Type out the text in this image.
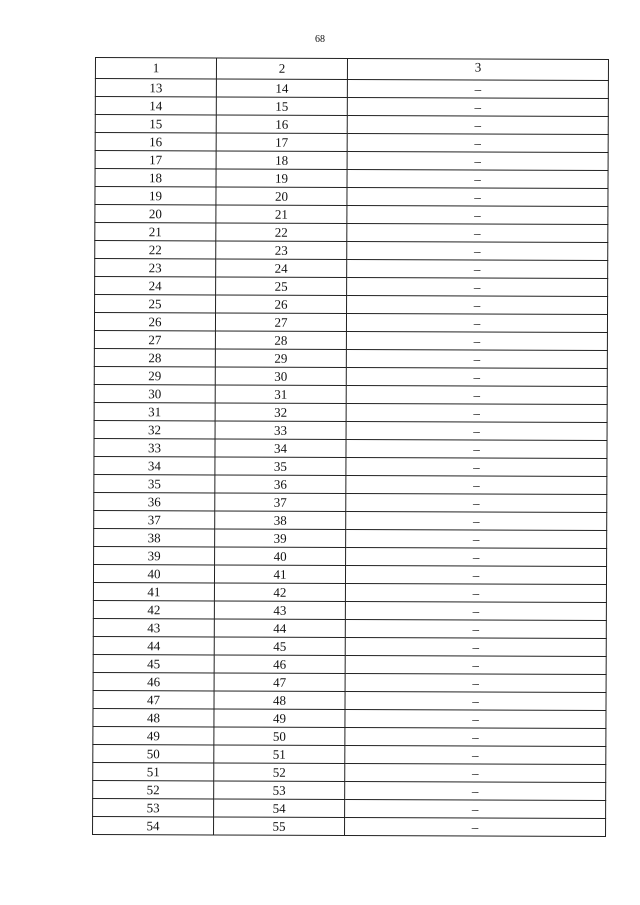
68
1	2	3
13	14	–
14	15	–
15	16	–
16	17	–
17	18	–
18	19	–
19	20	–
20	21	–
21	22	–
22	23	–
23	24	–
24	25	–
25	26	–
26	27	–
27	28	–
28	29	–
29	30	–
30	31	–
31	32	–
32	33	–
33	34	–
34	35	–
35	36	–
36	37	–
37	38	–
38	39	–
39	40	–
40	41	–
41	42	–
42	43	–
43	44	–
44	45	–
45	46	–
46	47	–
47	48	–
48	49	–
49	50	–
50	51	–
51	52	–
52	53	–
53	54	–
54	55	–
